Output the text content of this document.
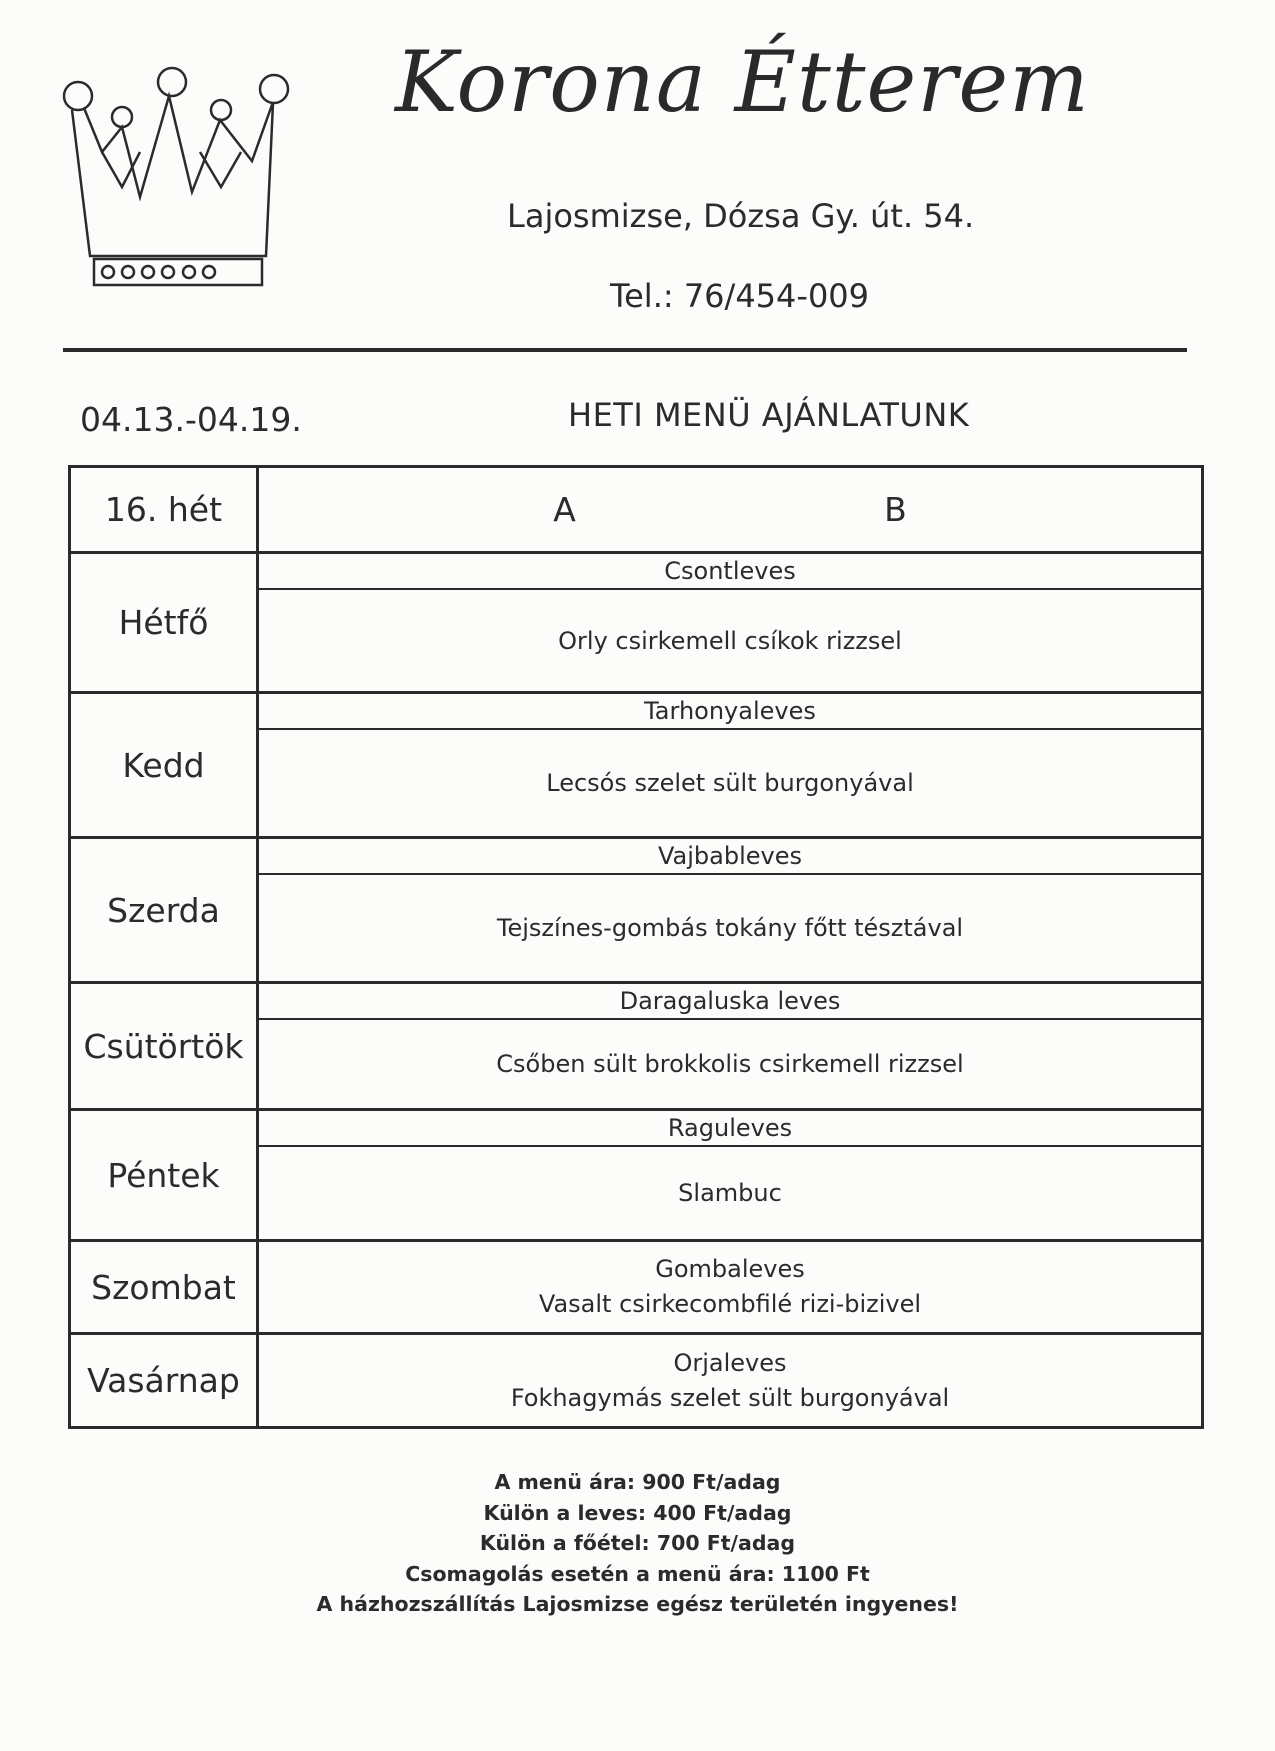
Korona Étterem
Lajosmizse, Dózsa Gy. út. 54.
Tel.: 76/454-009
04.13.-04.19.	HETI MENÜ AJÁNLATUNK
16. hét	A B

Hétfő	Csontleves
Orly csirkemell csíkok rizzsel

Kedd	Tarhonyaleves
Lecsós szelet sült burgonyával

Szerda	Vajbableves
Tejszínes-gombás tokány főtt tésztával

Csütörtök	Daragaluska leves
Csőben sült brokkolis csirkemell rizzsel

Péntek	Raguleves
Slambuc

Szombat	Gombaleves
Vasalt csirkecombfilé rizi-bizivel

Vasárnap	Orjaleves
Fokhagymás szelet sült burgonyával
A menü ára: 900 Ft/adag
Külön a leves: 400 Ft/adag
Külön a főétel: 700 Ft/adag
Csomagolás esetén a menü ára: 1100 Ft
A házhozszállítás Lajosmizse egész területén ingyenes!
